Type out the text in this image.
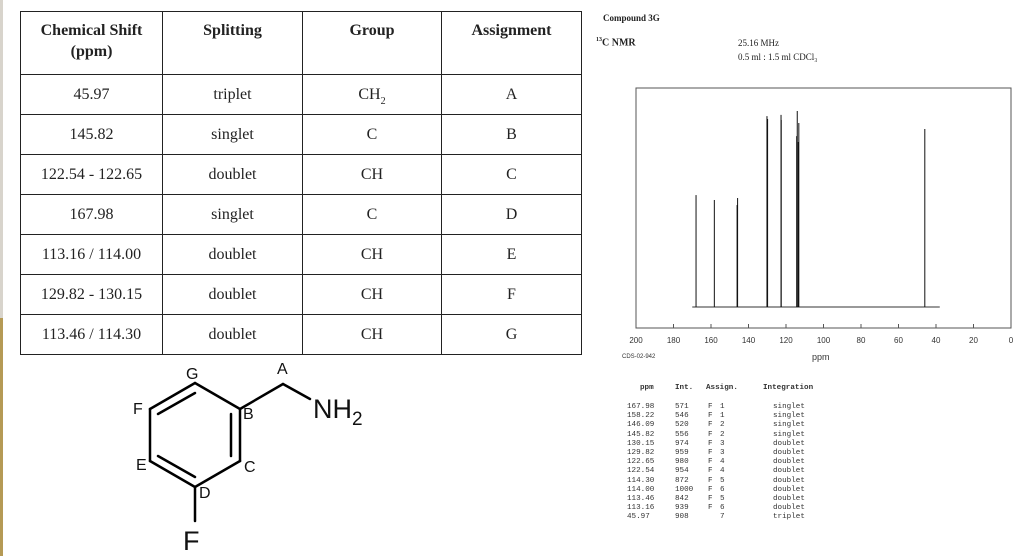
Chemical Shift (ppm)	Splitting	Group	Assignment
45.97	triplet	$CH_2$	A
145.82	singlet	C	B
122.54 - 122.65	doublet	CH	C
167.98	singlet	C	D
113.16 / 114.00	doublet	CH	E
129.82 - 130.15	doublet	CH	F
113.46 / 114.30	doublet	CH	G
G
F
E
D
C
B
A
$NH_2$
F
Compound 3G
$^{13}$C NMR	25.16 MHz
0.5 ml : 1.5 ml CDCl₃
200	180	160	140	120	100	80	60	40	20	0
CDS-02-942	ppm
ppm	Int. Assign.	Integration
167.98	571	F 1	singlet
158.22	546	F 1	singlet
146.09	520	F 2	singlet
145.82	556	F 2	singlet
130.15	974	F 3	doublet
129.82	959	F 3	doublet
122.65	980	F 4	doublet
122.54	954	F 4	doublet
114.30	872	F 5	doublet
114.00	1000 F 6	doublet
113.46	842	F 5	doublet
113.16	939	F 6	doublet
45.97	908	7	triplet
